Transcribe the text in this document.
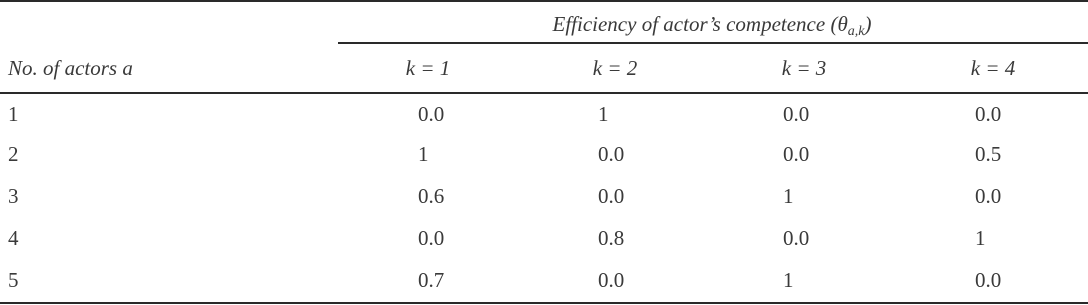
Efficiency of actor’s competence $(\theta_{a,k})$
No. of actors a	k = 1	k = 2	k = 3	k = 4
1	0.0	1	0.0	0.0
2	1	0.0	0.0	0.5
3	0.6	0.0	1	0.0
4	0.0	0.8	0.0	1
5	0.7	0.0	1	0.0
